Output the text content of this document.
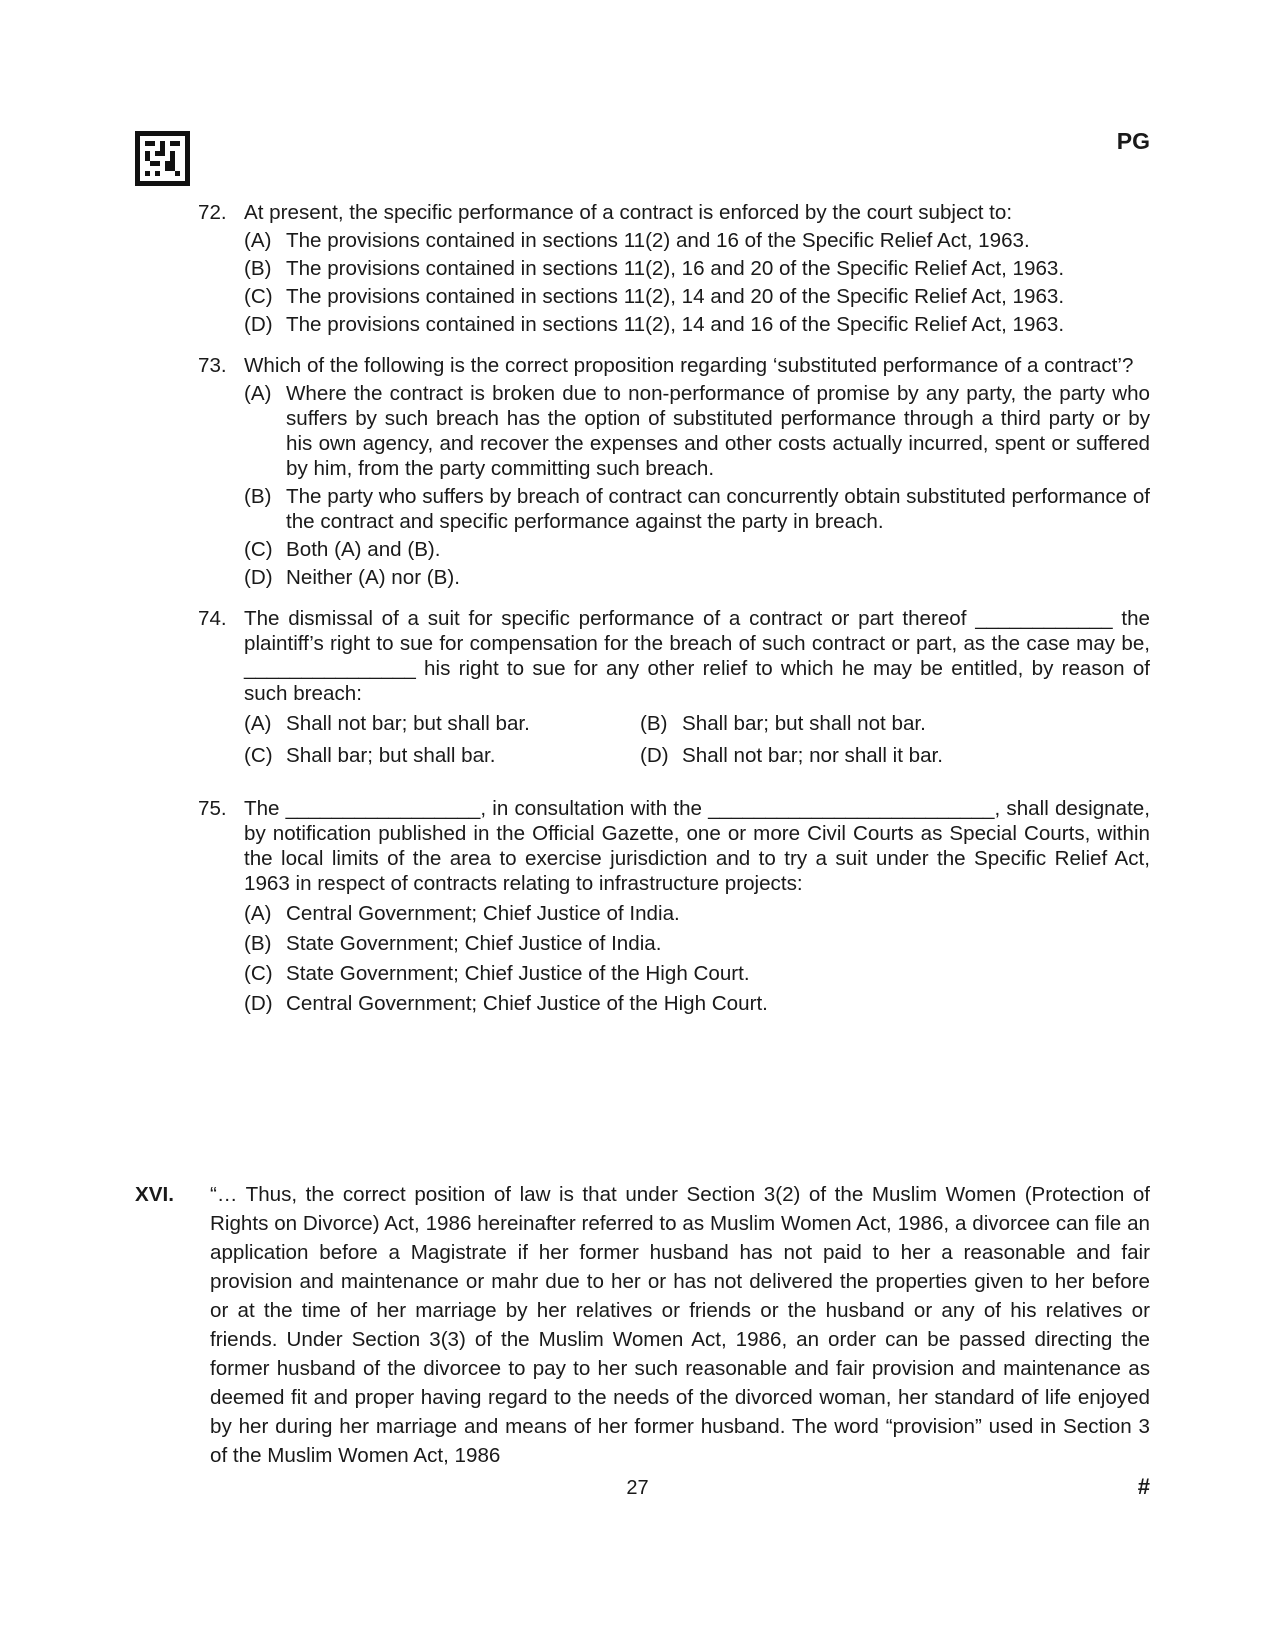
PG
72. At present, the specific performance of a contract is enforced by the court subject to:
(A) The provisions contained in sections 11(2) and 16 of the Specific Relief Act, 1963.
(B) The provisions contained in sections 11(2), 16 and 20 of the Specific Relief Act, 1963.
(C) The provisions contained in sections 11(2), 14 and 20 of the Specific Relief Act, 1963.
(D) The provisions contained in sections 11(2), 14 and 16 of the Specific Relief Act, 1963.
73. Which of the following is the correct proposition regarding ‘substituted performance of a contract’?
(A) Where the contract is broken due to non-performance of promise by any party, the party who suffers by such breach has the option of substituted performance through a third party or by his own agency, and recover the expenses and other costs actually incurred, spent or suffered by him, from the party committing such breach.
(B) The party who suffers by breach of contract can concurrently obtain substituted performance of the contract and specific performance against the party in breach.
(C) Both (A) and (B).
(D) Neither (A) nor (B).
74. The dismissal of a suit for specific performance of a contract or part thereof ____________ the plaintiff’s right to sue for compensation for the breach of such contract or part, as the case may be, _______________ his right to sue for any other relief to which he may be entitled, by reason of such breach:
(A) Shall not bar; but shall bar.	(B) Shall bar; but shall not bar.
(C) Shall bar; but shall bar.	(D) Shall not bar; nor shall it bar.
75. The _________________, in consultation with the _________________________, shall designate, by notification published in the Official Gazette, one or more Civil Courts as Special Courts, within the local limits of the area to exercise jurisdiction and to try a suit under the Specific Relief Act, 1963 in respect of contracts relating to infrastructure projects:
(A) Central Government; Chief Justice of India.
(B) State Government; Chief Justice of India.
(C) State Government; Chief Justice of the High Court.
(D) Central Government; Chief Justice of the High Court.
XVI. “… Thus, the correct position of law is that under Section 3(2) of the Muslim Women (Protection of Rights on Divorce) Act, 1986 hereinafter referred to as Muslim Women Act, 1986, a divorcee can file an application before a Magistrate if her former husband has not paid to her a reasonable and fair provision and maintenance or mahr due to her or has not delivered the properties given to her before or at the time of her marriage by her relatives or friends or the husband or any of his relatives or friends. Under Section 3(3) of the Muslim Women Act, 1986, an order can be passed directing the former husband of the divorcee to pay to her such reasonable and fair provision and maintenance as deemed fit and proper having regard to the needs of the divorced woman, her standard of life enjoyed by her during her marriage and means of her former husband. The word “provision” used in Section 3 of the Muslim Women Act, 1986
27	#
